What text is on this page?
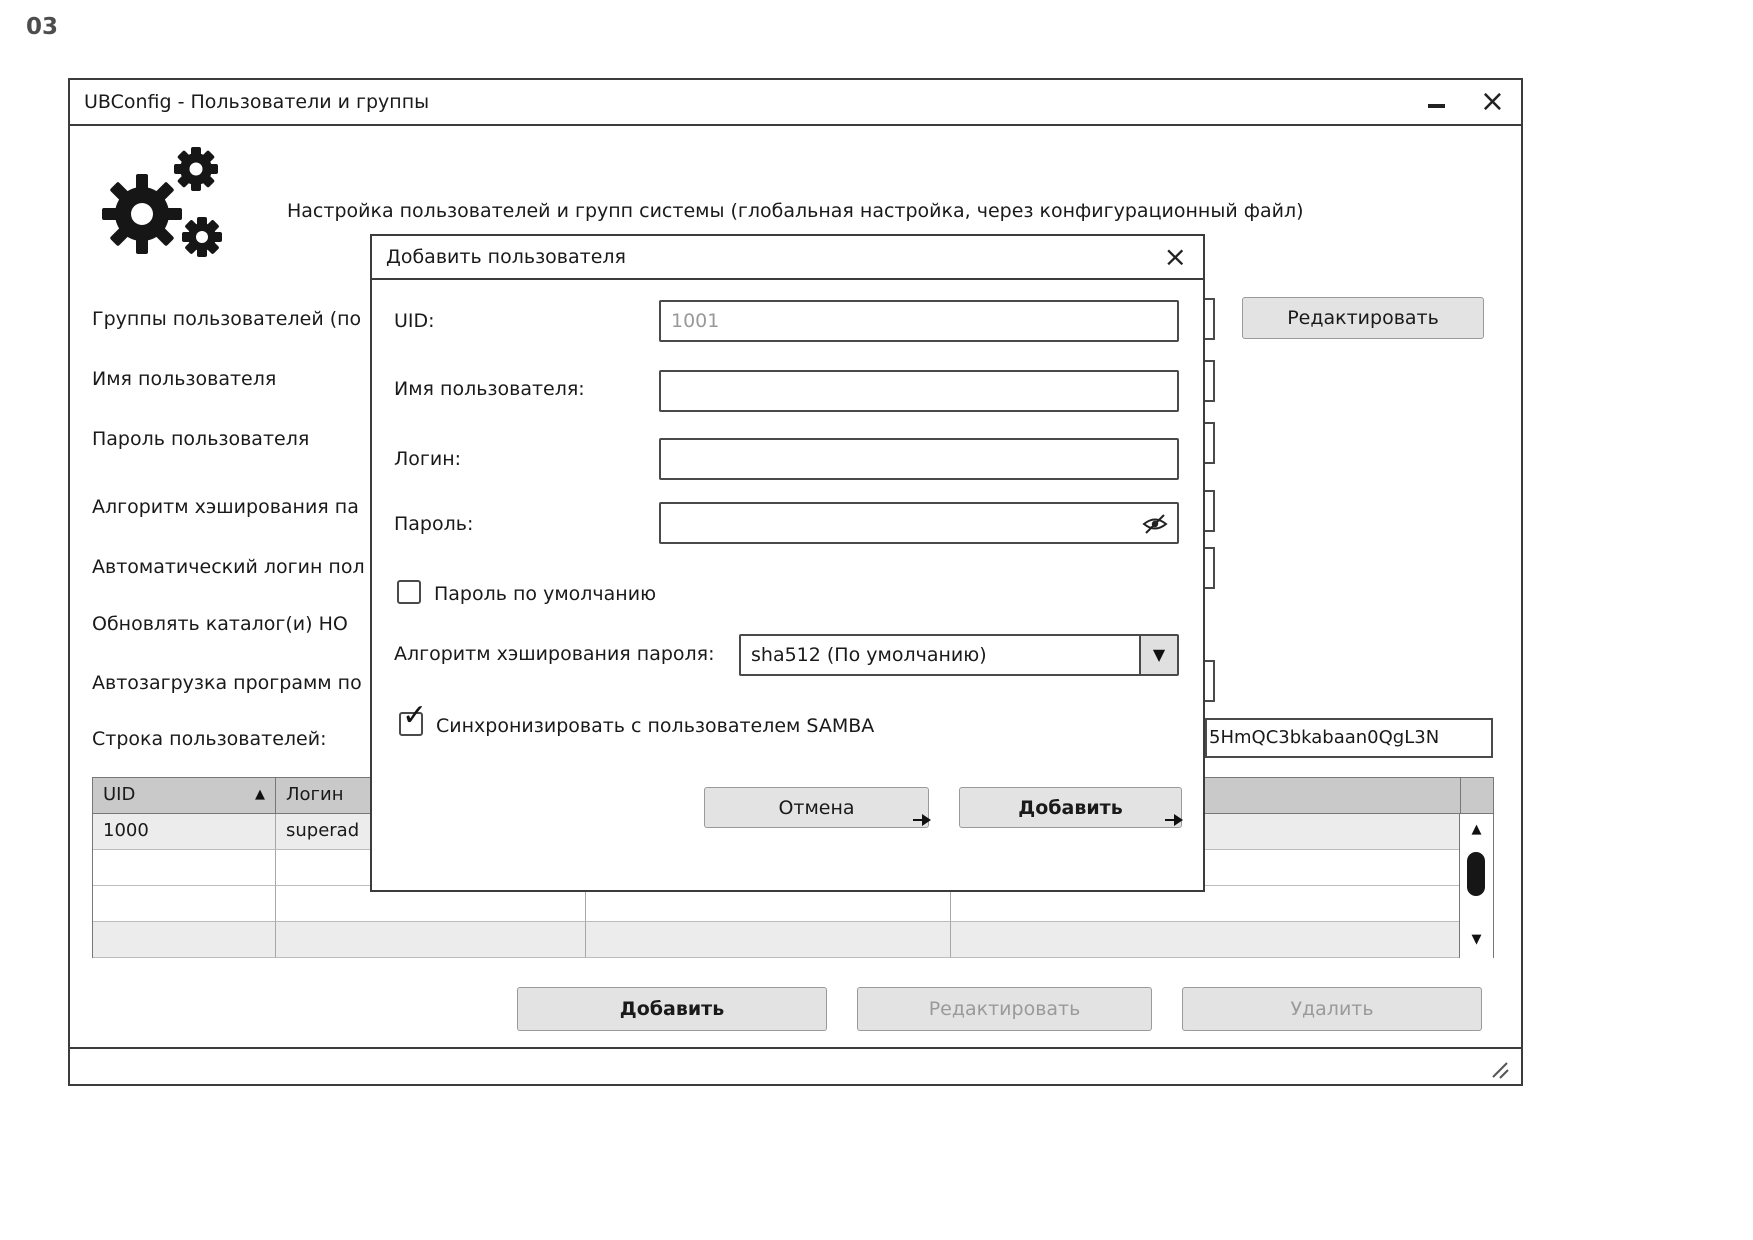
03
UBConfig - Пользователи и группы	×
Настройка пользователей и групп системы (глобальная настройка, через конфигурационный файл)
Группы пользователей (по
Имя пользователя
Пароль пользователя
Алгоритм хэширования па
Автоматический логин пол
Обновлять каталог(и) HO
Автозагрузка программ по
Строка пользователей:
Редактировать
5HmQC3bkabaan0QgL3N
UID	▲	Логин
1000	superad	▲
▼
Добавить	Редактировать	Удалить
Добавить пользователя	×
UID:
1001
Имя пользователя:
Логин:
Пароль:
Пароль по умолчанию
Алгоритм хэширования пароля: sha512 (По умолчанию)	▼
✓ Синхронизировать с пользователем SAMBA
Отмена	Добавить
